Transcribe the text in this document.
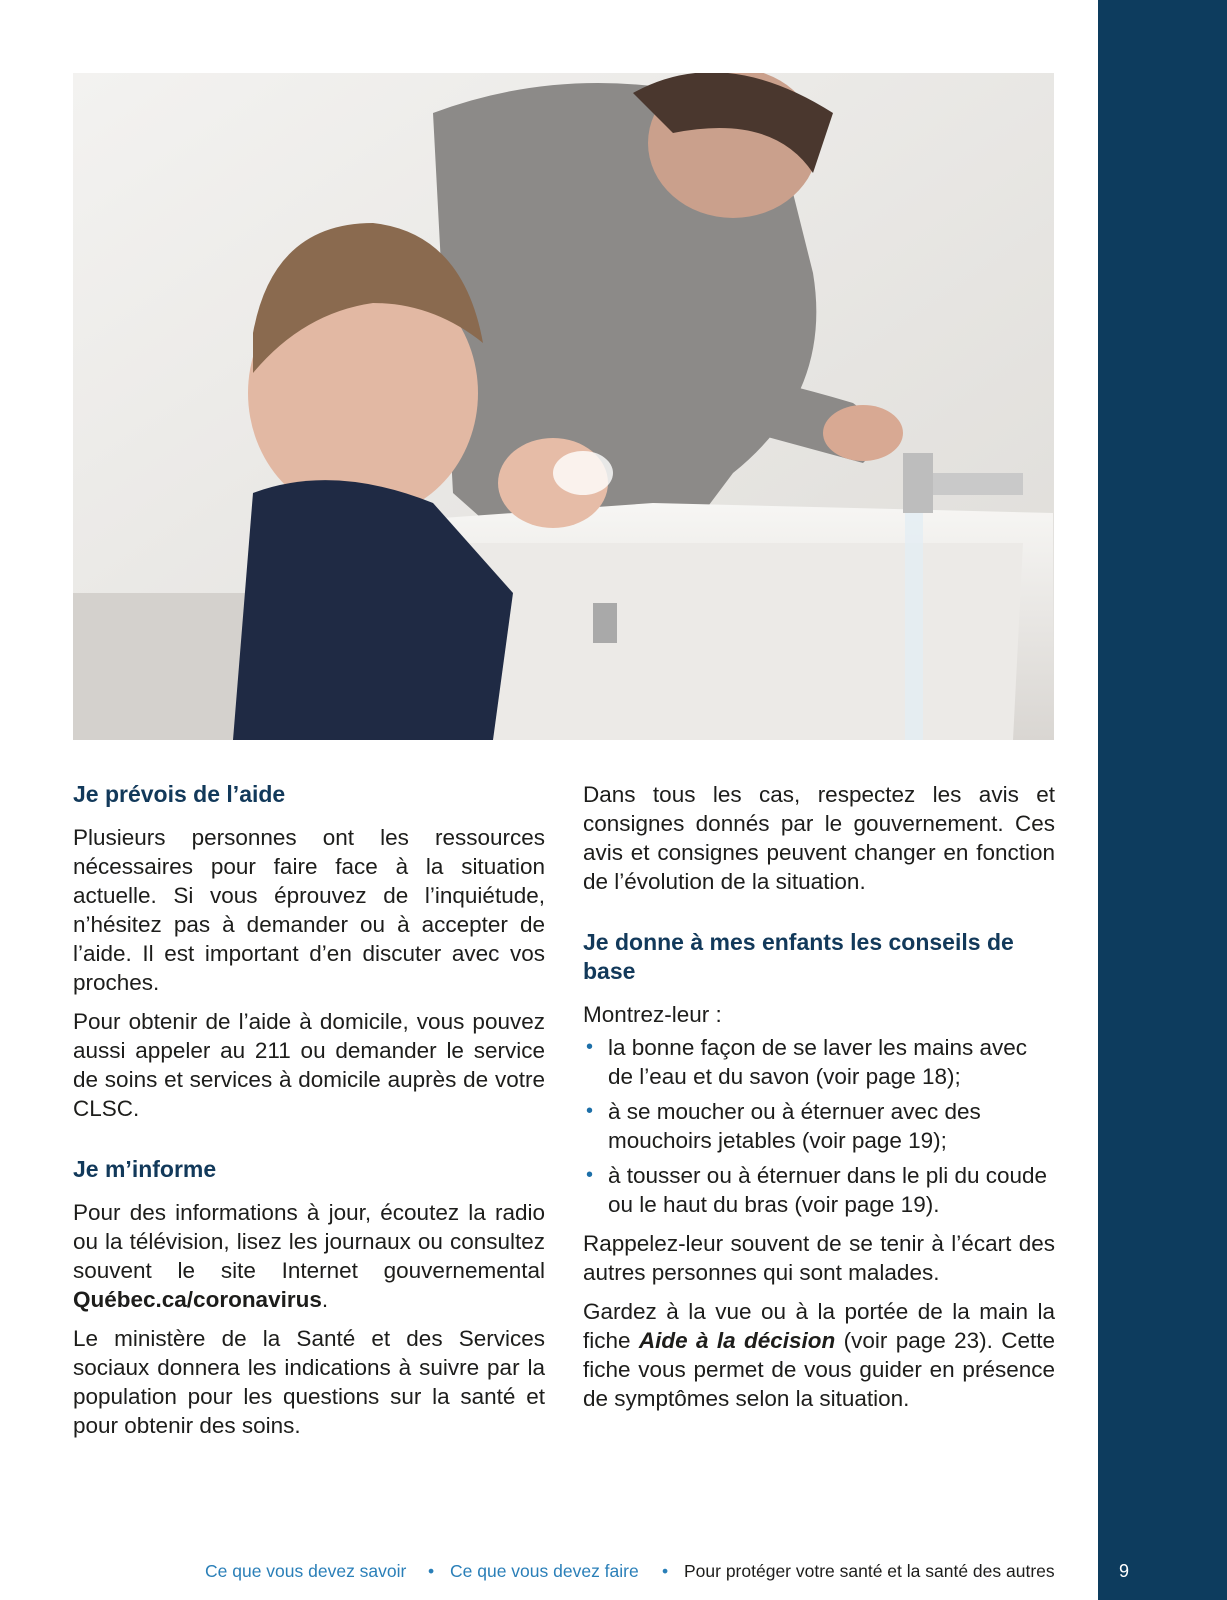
Je prévois de l’aide

Plusieurs personnes ont les ressources nécessaires pour faire face à la situation actuelle. Si vous éprouvez de l’inquiétude, n’hésitez pas à demander ou à accepter de l’aide. Il est important d’en discuter avec vos proches.

Pour obtenir de l’aide à domicile, vous pouvez aussi appeler au 211 ou demander le service de soins et services à domicile auprès de votre CLSC.

Je m’informe

Pour des informations à jour, écoutez la radio ou la télévision, lisez les journaux ou consultez souvent le site Internet gouvernemental Québec.ca/coronavirus.

Le ministère de la Santé et des Services sociaux donnera les indications à suivre par la population pour les questions sur la santé et pour obtenir des soins.

Dans tous les cas, respectez les avis et consignes donnés par le gouvernement. Ces avis et consignes peuvent changer en fonction de l’évolution de la situation.

Je donne à mes enfants les conseils de base

Montrez-leur :

• la bonne façon de se laver les mains avec de l’eau et du savon (voir page 18);
• à se moucher ou à éternuer avec des mouchoirs jetables (voir page 19);
• à tousser ou à éternuer dans le pli du coude ou le haut du bras (voir page 19).

Rappelez-leur souvent de se tenir à l’écart des autres personnes qui sont malades.

Gardez à la vue ou à la portée de la main la fiche Aide à la décision (voir page 23). Cette fiche vous permet de vous guider en présence de symptômes selon la situation.

Ce que vous devez savoir • Ce que vous devez faire • Pour protéger votre santé et la santé des autres	9
